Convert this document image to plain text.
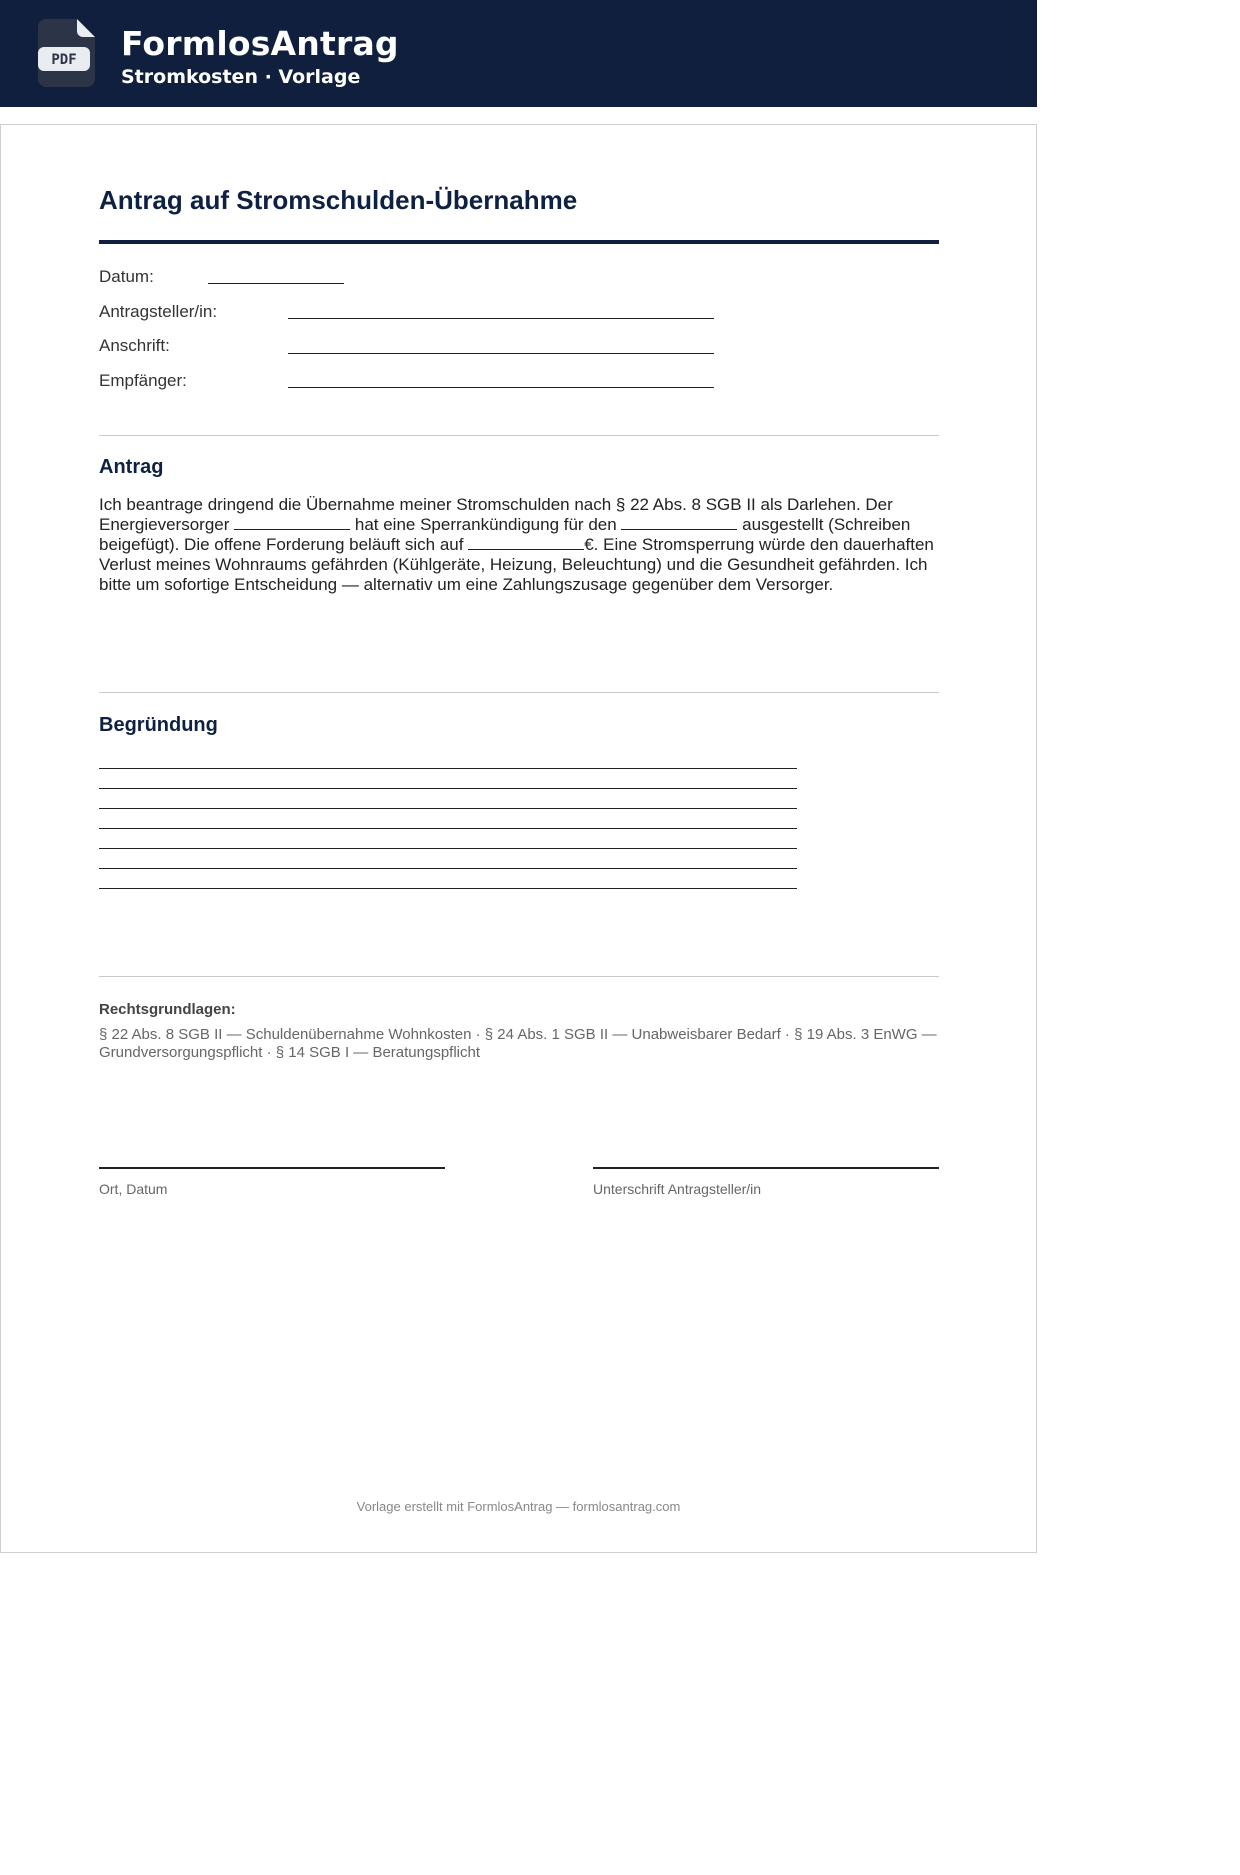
PDF FormlosAntrag
Stromkosten · Vorlage
Antrag auf Stromschulden-Übernahme
Datum:
Antragsteller/in:
Anschrift:
Empfänger:
Antrag
Ich beantrage dringend die Übernahme meiner Stromschulden nach § 22 Abs. 8 SGB II als Darlehen. Der Energieversorger	hat eine Sperrankündigung für den	ausgestellt (Schreiben beigefügt). Die offene Forderung beläuft sich auf	€. Eine Stromsperrung würde den dauerhaften Verlust meines Wohnraums gefährden (Kühlgeräte, Heizung, Beleuchtung) und die Gesundheit gefährden. Ich bitte um sofortige Entscheidung — alternativ um eine Zahlungszusage gegenüber dem Versorger.
Begründung
Rechtsgrundlagen:
§ 22 Abs. 8 SGB II — Schuldenübernahme Wohnkosten · § 24 Abs. 1 SGB II — Unabweisbarer Bedarf · § 19 Abs. 3 EnWG — Grundversorgungspflicht · § 14 SGB I — Beratungspflicht
Ort, Datum	Unterschrift Antragsteller/in
Vorlage erstellt mit FormlosAntrag — formlosantrag.com
